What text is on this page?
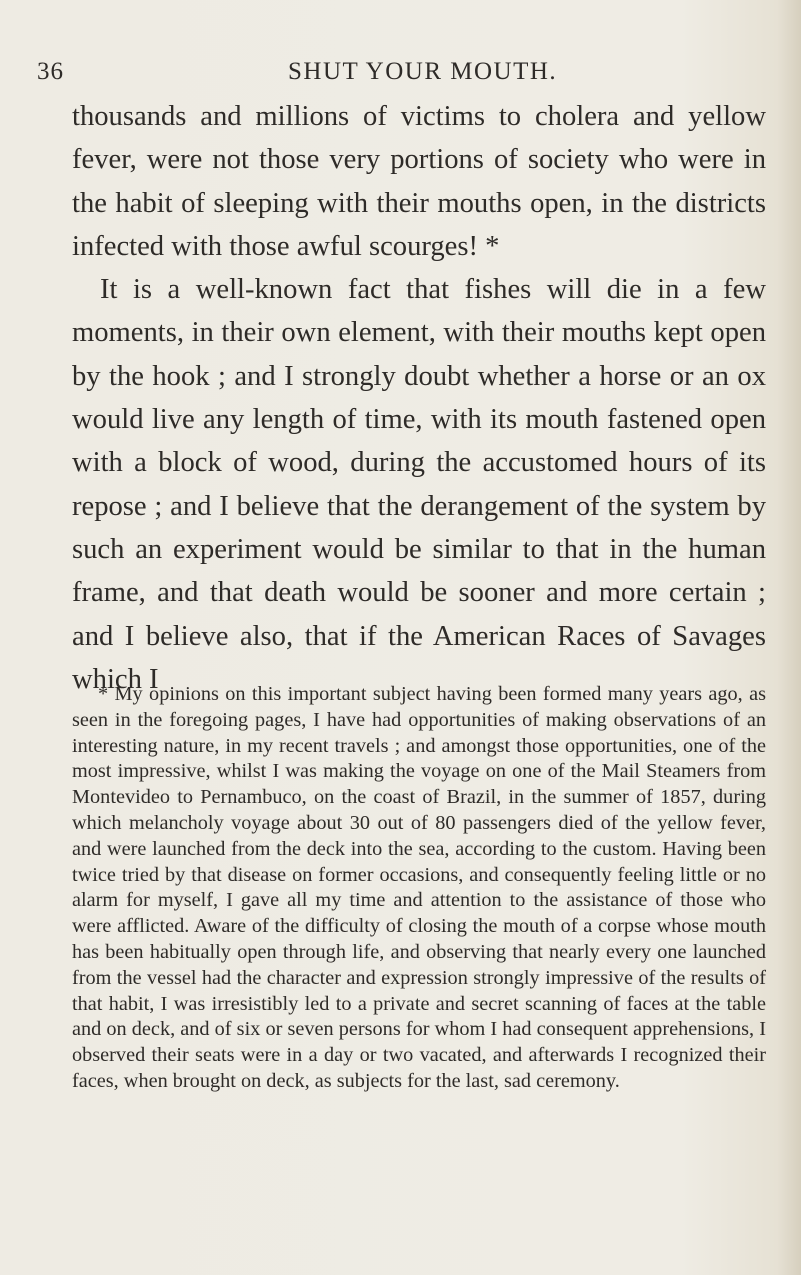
36	SHUT YOUR MOUTH.

thousands and millions of victims to cholera and yellow fever, were not those very portions of society who were in the habit of sleeping with their mouths open, in the districts infected with those awful scourges! *

It is a well-known fact that fishes will die in a few moments, in their own element, with their mouths kept open by the hook ; and I strongly doubt whether a horse or an ox would live any length of time, with its mouth fastened open with a block of wood, during the accustomed hours of its repose ; and I believe that the derangement of the system by such an experiment would be similar to that in the human frame, and that death would be sooner and more certain ; and I believe also, that if the American Races of Savages which I

* My opinions on this important subject having been formed many years ago, as seen in the foregoing pages, I have had opportunities of making observations of an interesting nature, in my recent travels ; and amongst those opportunities, one of the most impressive, whilst I was making the voyage on one of the Mail Steamers from Montevideo to Pernambuco, on the coast of Brazil, in the summer of 1857, during which melancholy voyage about 30 out of 80 passengers died of the yellow fever, and were launched from the deck into the sea, according to the custom. Having been twice tried by that disease on former occasions, and consequently feeling little or no alarm for myself, I gave all my time and attention to the assistance of those who were afflicted. Aware of the difficulty of closing the mouth of a corpse whose mouth has been habitually open through life, and observing that nearly every one launched from the vessel had the character and expression strongly impressive of the results of that habit, I was irresistibly led to a private and secret scanning of faces at the table and on deck, and of six or seven persons for whom I had consequent apprehensions, I observed their seats were in a day or two vacated, and afterwards I recognized their faces, when brought on deck, as subjects for the last, sad ceremony.
